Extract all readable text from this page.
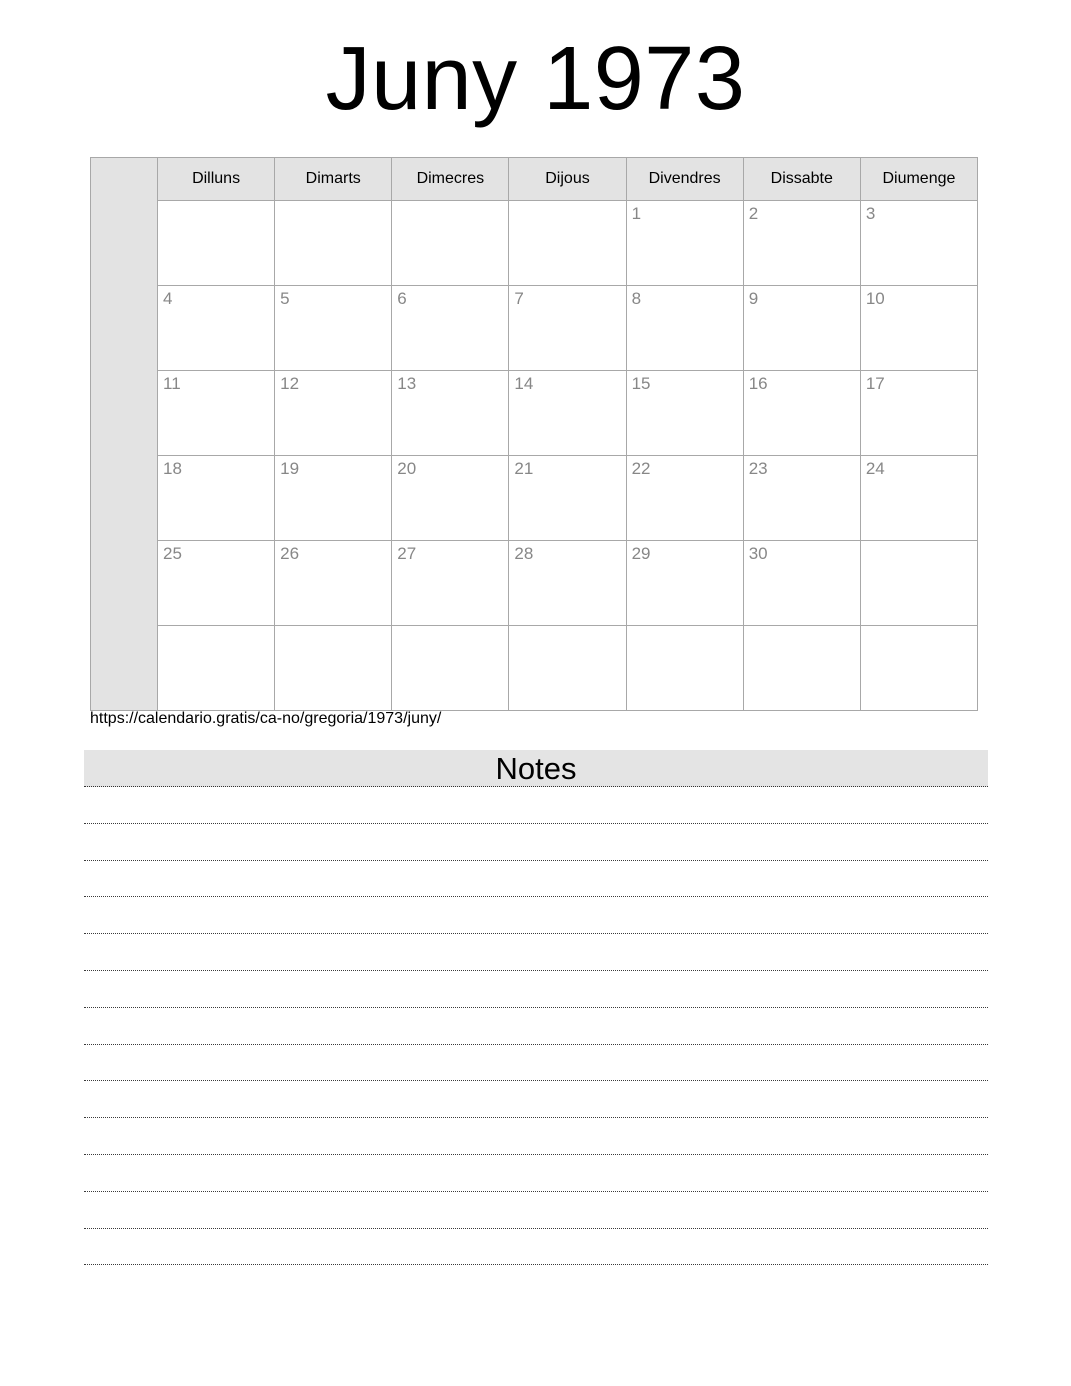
Juny 1973
	Dilluns	Dimarts	Dimecres	Dijous	Divendres	Dissabte	Diumenge
					1	2	3
	4	5	6	7	8	9	10
	11	12	13	14	15	16	17
	18	19	20	21	22	23	24
	25	26	27	28	29	30	

https://calendario.gratis/ca-no/gregoria/1973/juny/
Notes
